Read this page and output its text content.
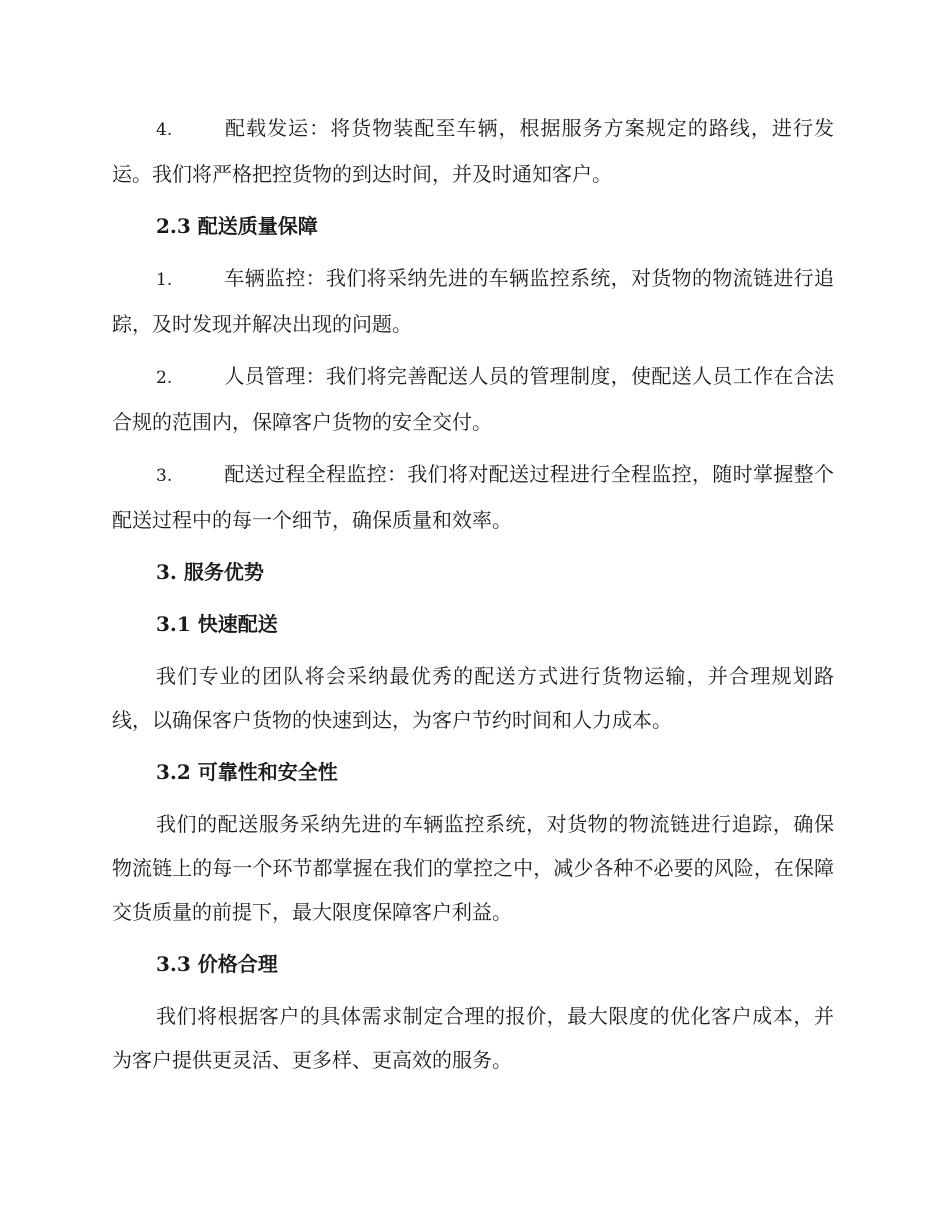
4.	配载发运：将货物装配至车辆，根据服务方案规定的路线，进行发运。我们将严格把控货物的到达时间，并及时通知客户。

2.3 配送质量保障

1.	车辆监控：我们将采纳先进的车辆监控系统，对货物的物流链进行追踪，及时发现并解决出现的问题。

2.	人员管理：我们将完善配送人员的管理制度，使配送人员工作在合法合规的范围内，保障客户货物的安全交付。

3.	配送过程全程监控：我们将对配送过程进行全程监控，随时掌握整个配送过程中的每一个细节，确保质量和效率。

3. 服务优势
3.1 快速配送

我们专业的团队将会采纳最优秀的配送方式进行货物运输，并合理规划路线，以确保客户货物的快速到达，为客户节约时间和人力成本。

3.2 可靠性和安全性

我们的配送服务采纳先进的车辆监控系统，对货物的物流链进行追踪，确保物流链上的每一个环节都掌握在我们的掌控之中，减少各种不必要的风险，在保障交货质量的前提下，最大限度保障客户利益。

3.3 价格合理

我们将根据客户的具体需求制定合理的报价，最大限度的优化客户成本，并为客户提供更灵活、更多样、更高效的服务。
